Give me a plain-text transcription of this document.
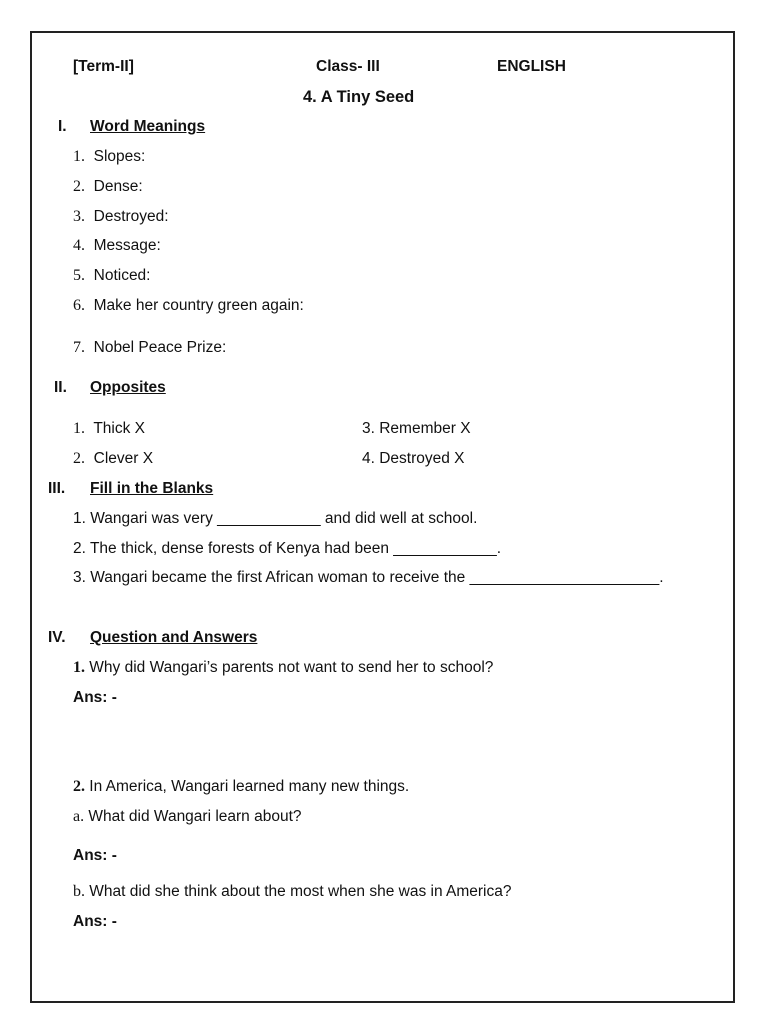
[Term-II]	Class- III	ENGLISH
4. A Tiny Seed
I. Word Meanings
1. Slopes:
2. Dense:
3. Destroyed:
4. Message:
5. Noticed:
6. Make her country green again:
7. Nobel Peace Prize:
II. Opposites
1. Thick X
2. Clever X
3. Remember X
4. Destroyed X
III. Fill in the Blanks
1. Wangari was very ____________ and did well at school.
2. The thick, dense forests of Kenya had been ____________.
3. Wangari became the first African woman to receive the ______________________.
IV. Question and Answers
1. Why did Wangari’s parents not want to send her to school?
Ans: -
2. In America, Wangari learned many new things.
a. What did Wangari learn about?
Ans: -
b. What did she think about the most when she was in America?
Ans: -
